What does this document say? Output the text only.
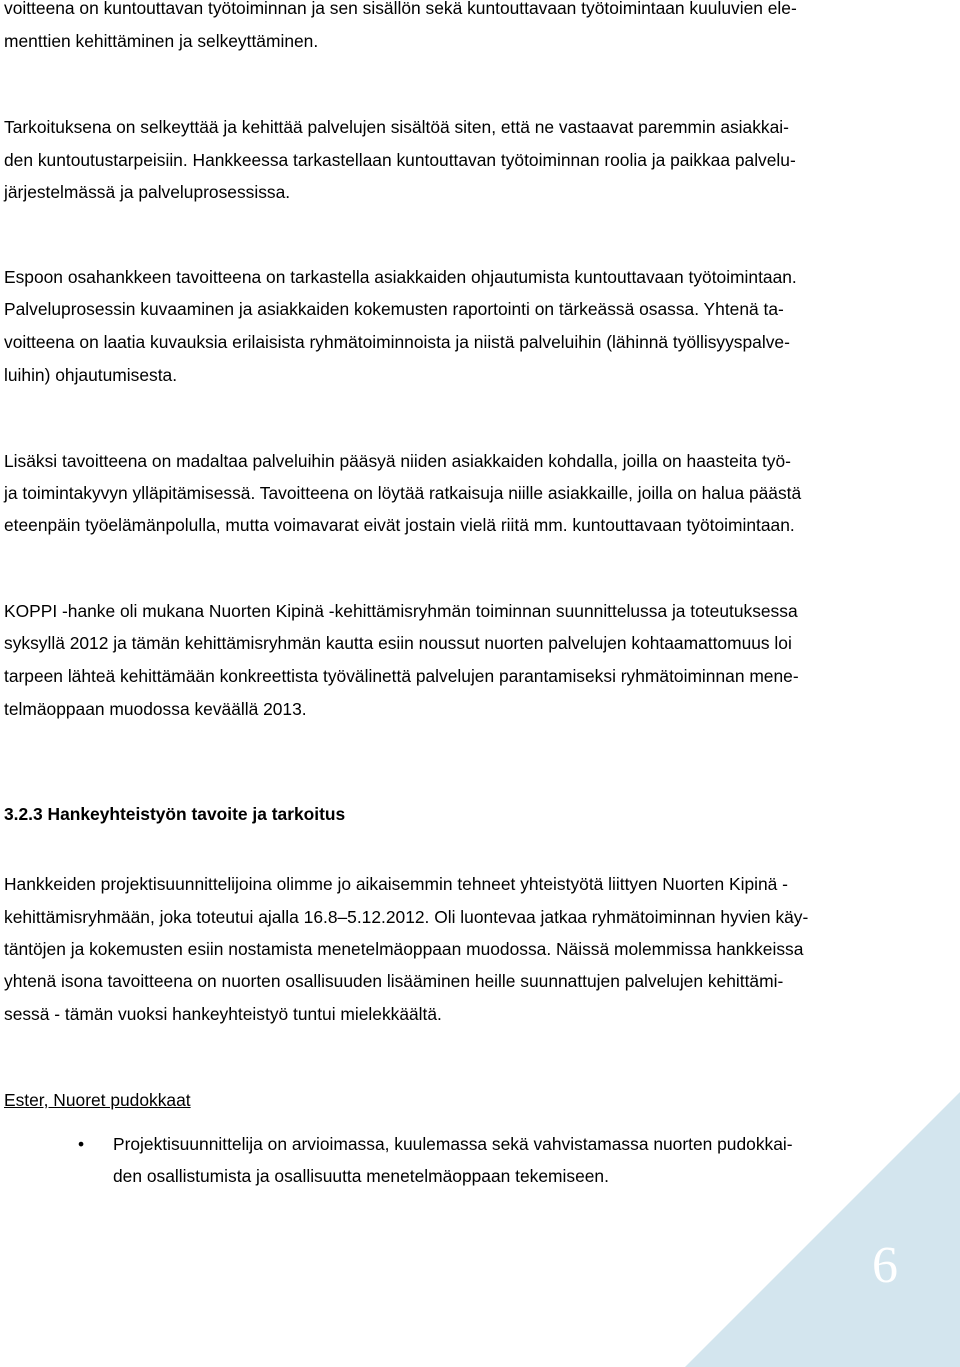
voitteena on kuntouttavan työtoiminnan ja sen sisällön sekä kuntouttavaan työtoimintaan kuuluvien ele-
menttien kehittäminen ja selkeyttäminen.
Tarkoituksena on selkeyttää ja kehittää palvelujen sisältöä siten, että ne vastaavat paremmin asiakkai-
den kuntoutustarpeisiin. Hankkeessa tarkastellaan kuntouttavan työtoiminnan roolia ja paikkaa palvelu-
järjestelmässä ja palveluprosessissa.
Espoon osahankkeen tavoitteena on tarkastella asiakkaiden ohjautumista kuntouttavaan työtoimintaan.
Palveluprosessin kuvaaminen ja asiakkaiden kokemusten raportointi on tärkeässä osassa. Yhtenä ta-
voitteena on laatia kuvauksia erilaisista ryhmätoiminnoista ja niistä palveluihin (lähinnä työllisyyspalve-
luihin) ohjautumisesta.
Lisäksi tavoitteena on madaltaa palveluihin pääsyä niiden asiakkaiden kohdalla, joilla on haasteita työ-
ja toimintakyvyn ylläpitämisessä. Tavoitteena on löytää ratkaisuja niille asiakkaille, joilla on halua päästä
eteenpäin työelämänpolulla, mutta voimavarat eivät jostain vielä riitä mm. kuntouttavaan työtoimintaan.
KOPPI -hanke oli mukana Nuorten Kipinä -kehittämisryhmän toiminnan suunnittelussa ja toteutuksessa
syksyllä 2012 ja tämän kehittämisryhmän kautta esiin noussut nuorten palvelujen kohtaamattomuus loi
tarpeen lähteä kehittämään konkreettista työvälinettä palvelujen parantamiseksi ryhmätoiminnan mene-
telmäoppaan muodossa keväällä 2013.
3.2.3 Hankeyhteistyön tavoite ja tarkoitus
Hankkeiden projektisuunnittelijoina olimme jo aikaisemmin tehneet yhteistyötä liittyen Nuorten Kipinä -
kehittämisryhmään, joka toteutui ajalla 16.8–5.12.2012. Oli luontevaa jatkaa ryhmätoiminnan hyvien käy-
täntöjen ja kokemusten esiin nostamista menetelmäoppaan muodossa. Näissä molemmissa hankkeissa
yhtenä isona tavoitteena on nuorten osallisuuden lisääminen heille suunnattujen palvelujen kehittämi-
sessä - tämän vuoksi hankeyhteistyö tuntui mielekkäältä.
Ester, Nuoret pudokkaat
• Projektisuunnittelija on arvioimassa, kuulemassa sekä vahvistamassa nuorten pudokkai-
den osallistumista ja osallisuutta menetelmäoppaan tekemiseen.
6
